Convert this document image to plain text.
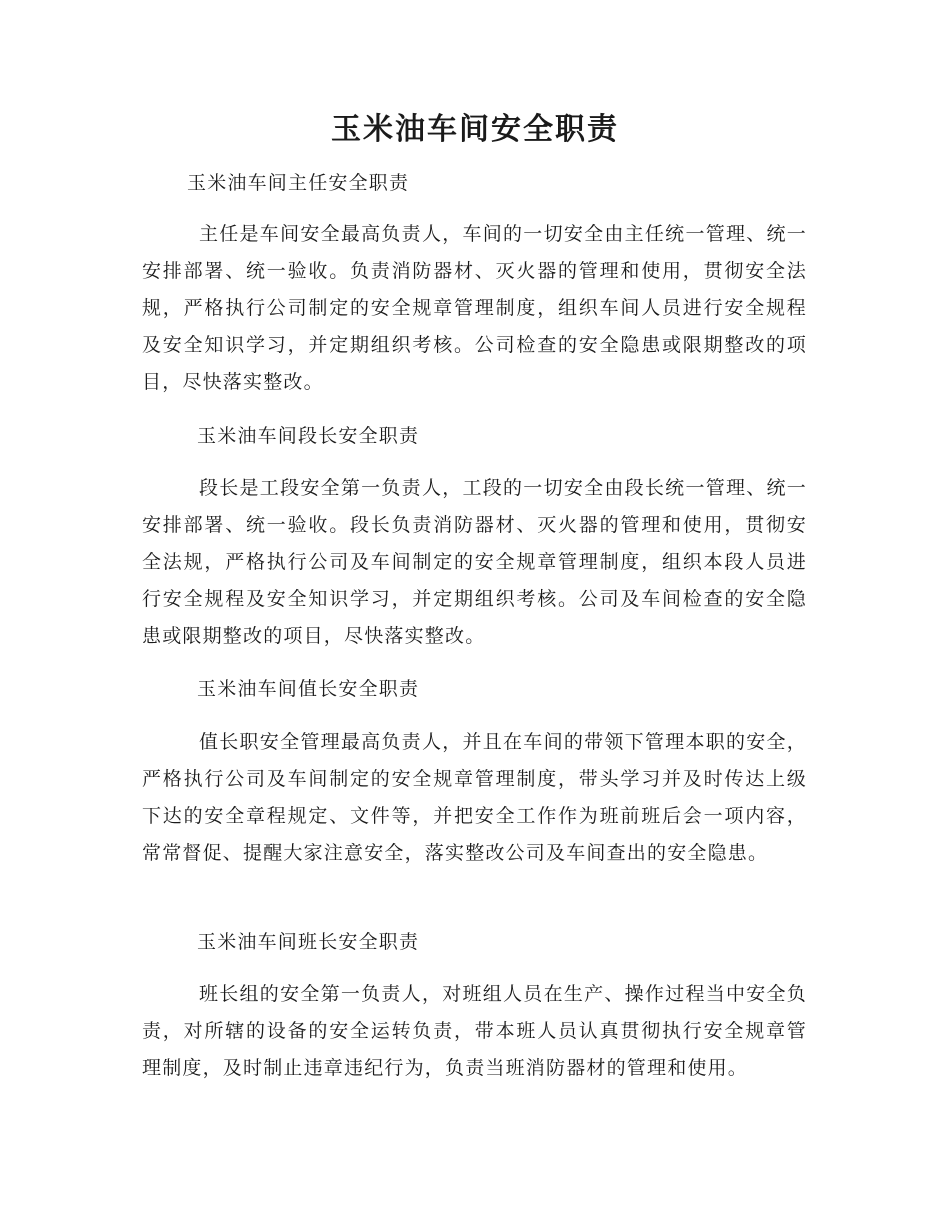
玉米油车间安全职责

玉米油车间主任安全职责

主任是车间安全最高负责人，车间的一切安全由主任统一管理、统一安排部署、统一验收。负责消防器材、灭火器的管理和使用，贯彻安全法规，严格执行公司制定的安全规章管理制度，组织车间人员进行安全规程及安全知识学习，并定期组织考核。公司检查的安全隐患或限期整改的项目，尽快落实整改。

玉米油车间段长安全职责

段长是工段安全第一负责人，工段的一切安全由段长统一管理、统一安排部署、统一验收。段长负责消防器材、灭火器的管理和使用，贯彻安全法规，严格执行公司及车间制定的安全规章管理制度，组织本段人员进行安全规程及安全知识学习，并定期组织考核。公司及车间检查的安全隐患或限期整改的项目，尽快落实整改。

玉米油车间值长安全职责

值长职安全管理最高负责人，并且在车间的带领下管理本职的安全，严格执行公司及车间制定的安全规章管理制度，带头学习并及时传达上级下达的安全章程规定、文件等，并把安全工作作为班前班后会一项内容，常常督促、提醒大家注意安全，落实整改公司及车间查出的安全隐患。

玉米油车间班长安全职责

班长组的安全第一负责人，对班组人员在生产、操作过程当中安全负责，对所辖的设备的安全运转负责，带本班人员认真贯彻执行安全规章管理制度，及时制止违章违纪行为，负责当班消防器材的管理和使用。
